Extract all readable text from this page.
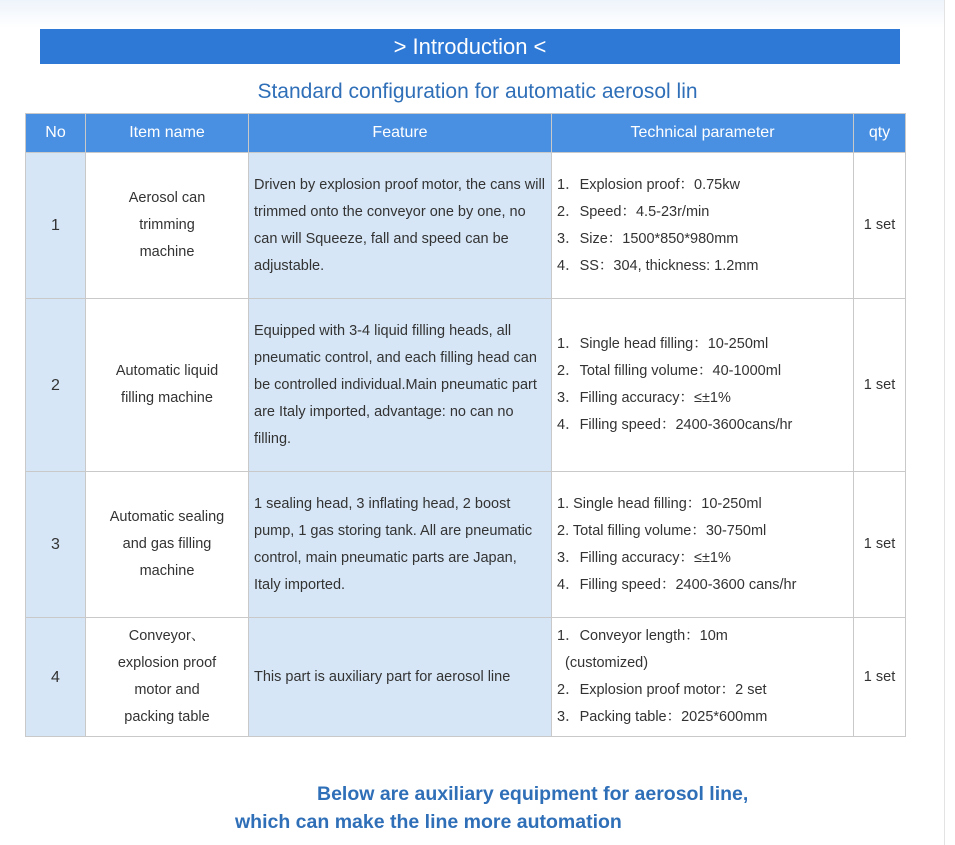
> Introduction <
Standard configuration for automatic aerosol lin
No	Item name	Feature	Technical parameter	qty
1	Aerosol can
trimming
machine	Driven by explosion proof motor, the cans will trimmed onto the conveyor one by one, no can will Squeeze, fall and speed can be adjustable.	1．Explosion proof：0.75kw
2．Speed：4.5-23r/min
3．Size：1500*850*980mm
4．SS：304, thickness: 1.2mm	1 set
2	Automatic liquid
filling machine	Equipped with 3-4 liquid filling heads, all pneumatic control, and each filling head can be controlled individual.Main pneumatic part are Italy imported, advantage: no can no filling.	1．Single head filling：10-250ml
2．Total filling volume：40-1000ml
3．Filling accuracy：≤±1%
4．Filling speed：2400-3600cans/hr	1 set
3	Automatic sealing
and gas filling
machine	1 sealing head, 3 inflating head, 2 boost pump, 1 gas storing tank. All are pneumatic control, main pneumatic parts are Japan, Italy imported.	1. Single head filling：10-250ml
2. Total filling volume：30-750ml
3．Filling accuracy：≤±1%
4．Filling speed：2400-3600 cans/hr	1 set
4	Conveyor、
explosion proof
motor and
packing table	This part is auxiliary part for aerosol line	1．Conveyor length：10m
(customized)
2．Explosion proof motor：2 set
3．Packing table：2025*600mm	1 set
Below are auxiliary equipment for aerosol line,
which can make the line more automation
